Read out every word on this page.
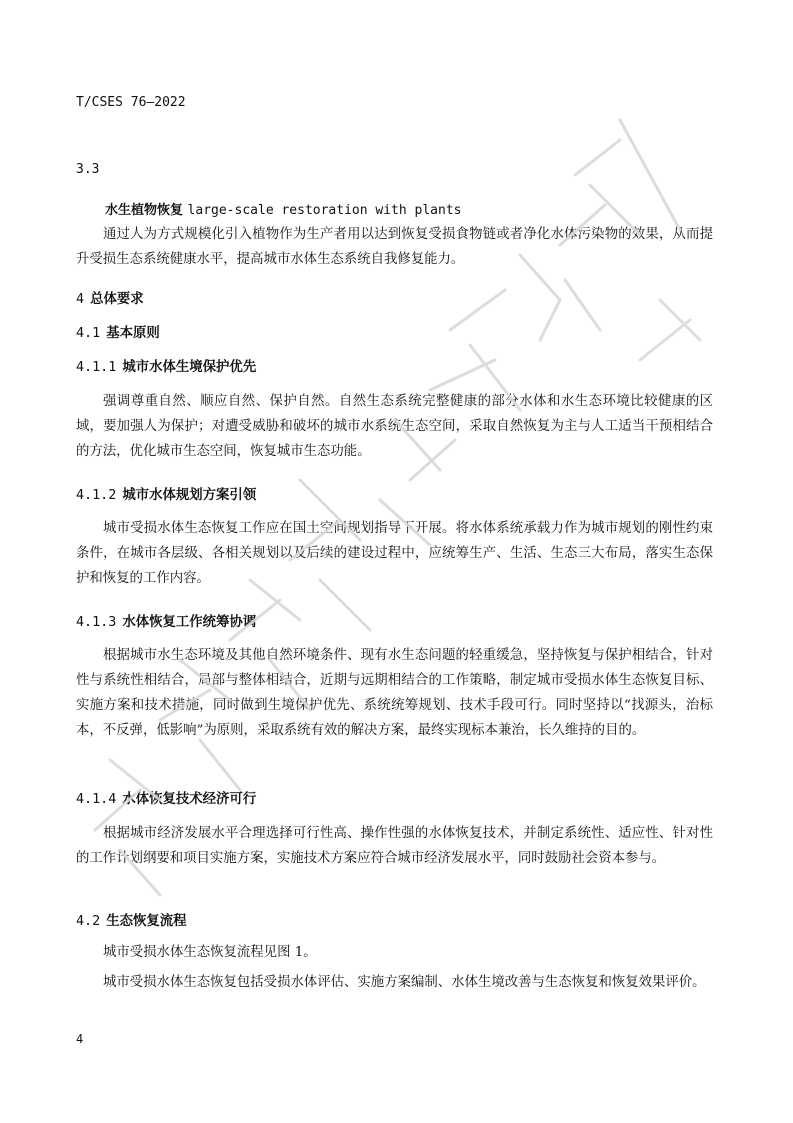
T/CSES 76—2022
3.3
水生植物恢复 large-scale restoration with plants

通过人为方式规模化引入植物作为生产者用以达到恢复受损食物链或者净化水体污染物的效果，从而提升受损生态系统健康水平，提高城市水体生态系统自我修复能力。

4 总体要求
4.1 基本原则
4.1.1 城市水体生境保护优先

强调尊重自然、顺应自然、保护自然。自然生态系统完整健康的部分水体和水生态环境比较健康的区域，要加强人为保护；对遭受威胁和破坏的城市水系统生态空间，采取自然恢复为主与人工适当干预相结合的方法，优化城市生态空间，恢复城市生态功能。

4.1.2 城市水体规划方案引领

城市受损水体生态恢复工作应在国土空间规划指导下开展。将水体系统承载力作为城市规划的刚性约束条件，在城市各层级、各相关规划以及后续的建设过程中，应统筹生产、生活、生态三大布局，落实生态保护和恢复的工作内容。

4.1.3 水体恢复工作统筹协调

根据城市水生态环境及其他自然环境条件、现有水生态问题的轻重缓急，坚持恢复与保护相结合，针对性与系统性相结合，局部与整体相结合，近期与远期相结合的工作策略，制定城市受损水体生态恢复目标、实施方案和技术措施，同时做到生境保护优先、系统统筹规划、技术手段可行。同时坚持以“找源头，治标本，不反弹，低影响”为原则，采取系统有效的解决方案，最终实现标本兼治，长久维持的目的。

4.1.4 水体恢复技术经济可行

根据城市经济发展水平合理选择可行性高、操作性强的水体恢复技术，并制定系统性、适应性、针对性的工作计划纲要和项目实施方案，实施技术方案应符合城市经济发展水平，同时鼓励社会资本参与。

4.2 生态恢复流程

城市受损水体生态恢复流程见图 1。

城市受损水体生态恢复包括受损水体评估、实施方案编制、水体生境改善与生态恢复和恢复效果评价。

4
